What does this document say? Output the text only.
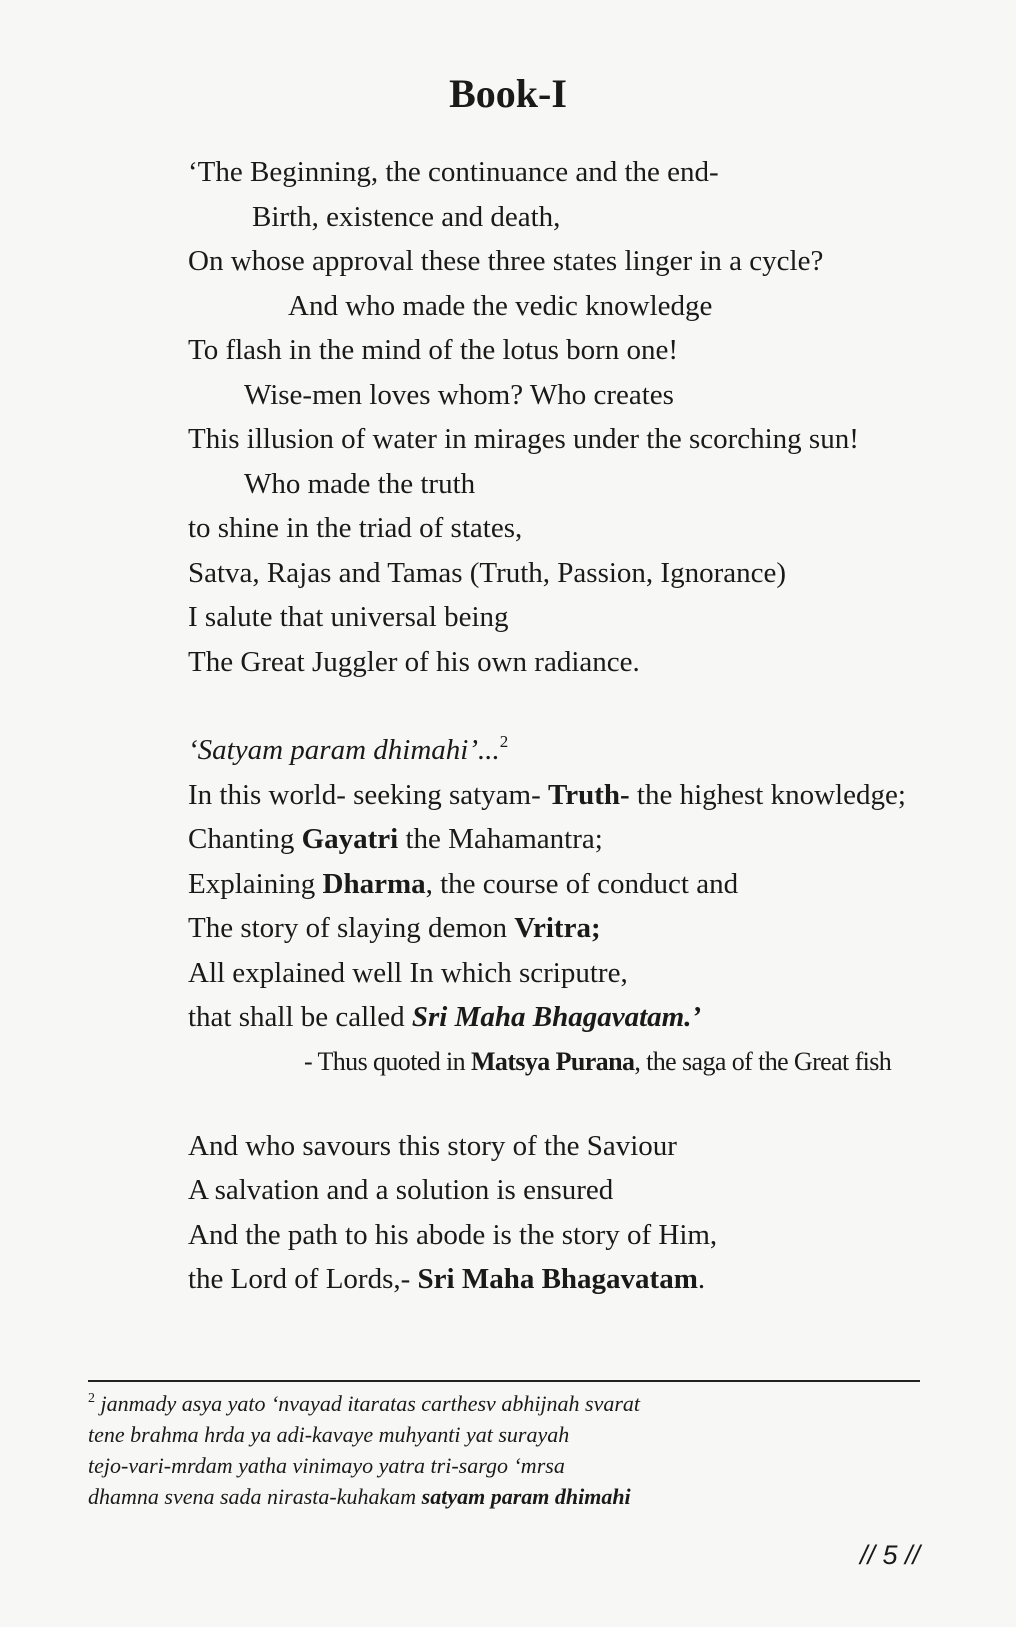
Book-I
‘The Beginning, the continuance and the end-
Birth, existence and death,
On whose approval these three states linger in a cycle?
And who made the vedic knowledge
To flash in the mind of the lotus born one!
Wise-men loves whom? Who creates
This illusion of water in mirages under the scorching sun!
Who made the truth
to shine in the triad of states,
Satva, Rajas and Tamas (Truth, Passion, Ignorance)
I salute that universal being
The Great Juggler of his own radiance.
‘Satyam param dhimahi’...$^2$
In this world- seeking satyam- Truth- the highest knowledge;
Chanting Gayatri the Mahamantra;
Explaining Dharma, the course of conduct and
The story of slaying demon Vritra;
All explained well In which scriputre,
that shall be called Sri Maha Bhagavatam.’
- Thus quoted in Matsya Purana, the saga of the Great fish
And who savours this story of the Saviour
A salvation and a solution is ensured
And the path to his abode is the story of Him,
the Lord of Lords,- Sri Maha Bhagavatam.
$^2$ janmady asya yato ‘nvayad itaratas carthesv abhijnah svarat
tene brahma hrda ya adi-kavaye muhyanti yat surayah
tejo-vari-mrdam yatha vinimayo yatra tri-sargo ‘mrsa
dhamna svena sada nirasta-kuhakam satyam param dhimahi
// 5 //
